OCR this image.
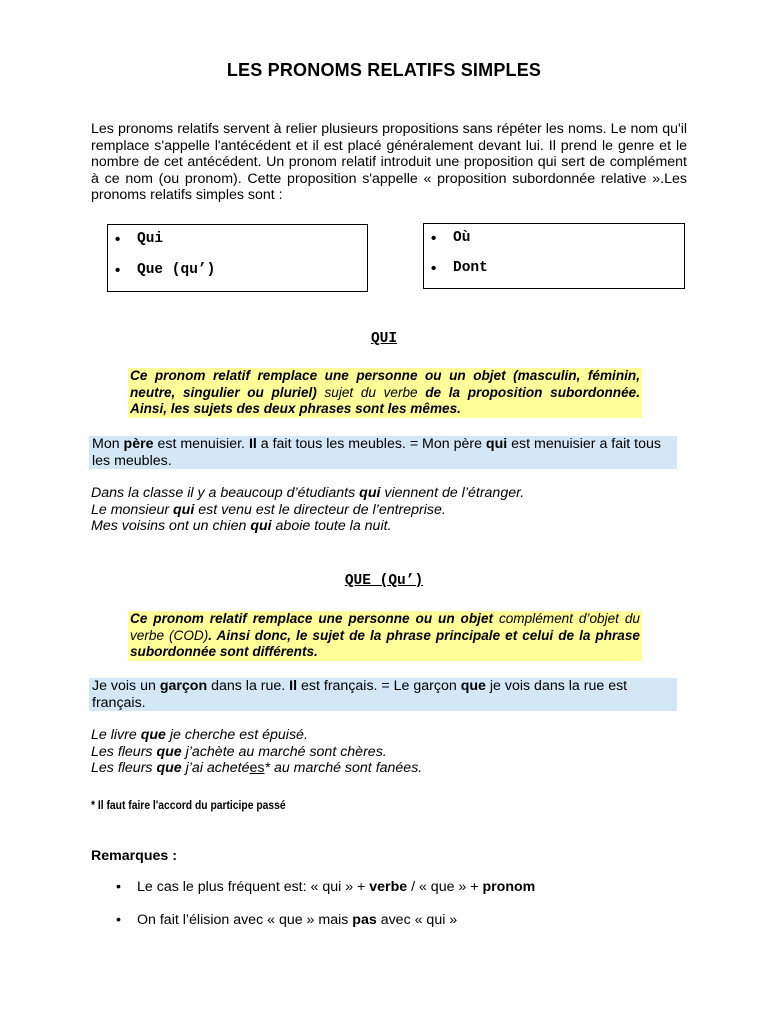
LES PRONOMS RELATIFS SIMPLES
Les pronoms relatifs servent à relier plusieurs propositions sans répéter les noms. Le nom qu'il remplace s'appelle l'antécédent et il est placé généralement devant lui. Il prend le genre et le nombre de cet antécédent. Un pronom relatif introduit une proposition qui sert de complément à ce nom (ou pronom). Cette proposition s'appelle « proposition subordonnée relative ».Les pronoms relatifs simples sont :
• Qui
• Que (qu’)
• Où
• Dont
QUI
Ce pronom relatif remplace une personne ou un objet (masculin, féminin, neutre, singulier ou pluriel) sujet du verbe de la proposition subordonnée. Ainsi, les sujets des deux phrases sont les mêmes.
Mon père est menuisier. Il a fait tous les meubles. = Mon père qui est menuisier a fait tous les meubles.
Dans la classe il y a beaucoup d’étudiants qui viennent de l’étranger.
Le monsieur qui est venu est le directeur de l’entreprise.
Mes voisins ont un chien qui aboie toute la nuit.
QUE (Qu’)
Ce pronom relatif remplace une personne ou un objet complément d’objet du verbe (COD). Ainsi donc, le sujet de la phrase principale et celui de la phrase subordonnée sont différents.
Je vois un garçon dans la rue. Il est français. = Le garçon que je vois dans la rue est français.
Le livre que je cherche est épuisé.
Les fleurs que j’achète au marché sont chères.
Les fleurs que j’ai achetées* au marché sont fanées.
* Il faut faire l'accord du participe passé
Remarques :
• Le cas le plus fréquent est: « qui » + verbe / « que » + pronom
• On fait l’élision avec « que » mais pas avec « qui »
